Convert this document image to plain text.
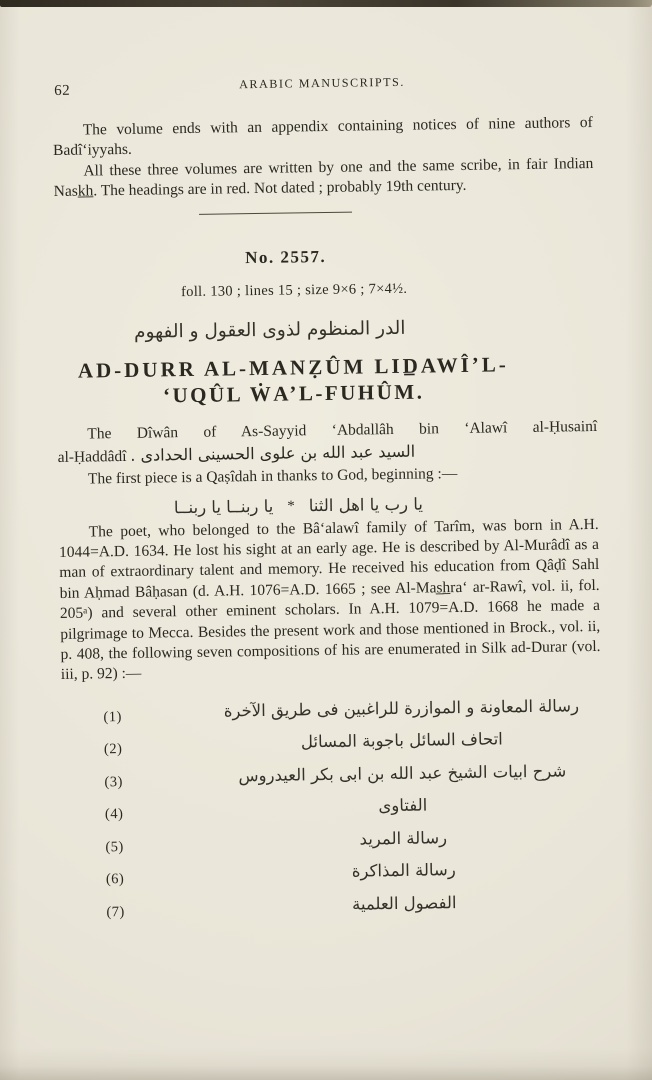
62	ARABIC MANUSCRIPTS.

The volume ends with an appendix containing notices of nine authors of Badî‘iyyahs.

All these three volumes are written by one and the same scribe, in fair Indian Nask̲h̲. The headings are in red. Not dated ; probably 19th century.

No. 2557.
foll. 130 ; lines 15 ; size 9×6 ; 7×4½.
الدر المنظوم لذوى العقول و الفهوم
AD-DURR AL-MANẒÛM LID̲AWÎ’L-
‘UQÛL ẆA’L-FUHÛM.
The Dîwân of As-Sayyid ‘Abdallâh bin ‘Alawî al-Ḥusainî
al-Ḥaddâdî السيد عبد الله بن علوى الحسينى الحدادى .
The first piece is a Qaṣîdah in thanks to God, beginning :—
يا ربنــا يا ربنــا * يا رب يا اهل الثنا

The poet, who belonged to the Bâ‘alawî family of Tarîm, was born in A.H. 1044=A.D. 1634. He lost his sight at an early age. He is described by Al-Murâdî as a man of extraordinary talent and memory. He received his education from Qâḍî Sahl bin Aḥmad Bâḥasan (d. A.H. 1076=A.D. 1665 ; see Al-Mas̲h̲ra‘ ar-Rawî, vol. ii, fol. 205ᵃ) and several other eminent scholars. In A.H. 1079=A.D. 1668 he made a pilgrimage to Mecca. Besides the present work and those mentioned in Brock., vol. ii, p. 408, the following seven compositions of his are enumerated in Silk ad-Durar (vol. iii, p. 92) :—

(1)	رسالة المعاونة و الموازرة للراغبين فى طريق الآخرة
(2)	اتحاف السائل باجوبة المسائل
(3)	شرح ابيات الشيخ عبد الله بن ابى بكر العيدروس
(4)	الفتاوى
(5)	رسالة المريد
(6)	رسالة المذاكرة
(7)	الفصول العلمية
